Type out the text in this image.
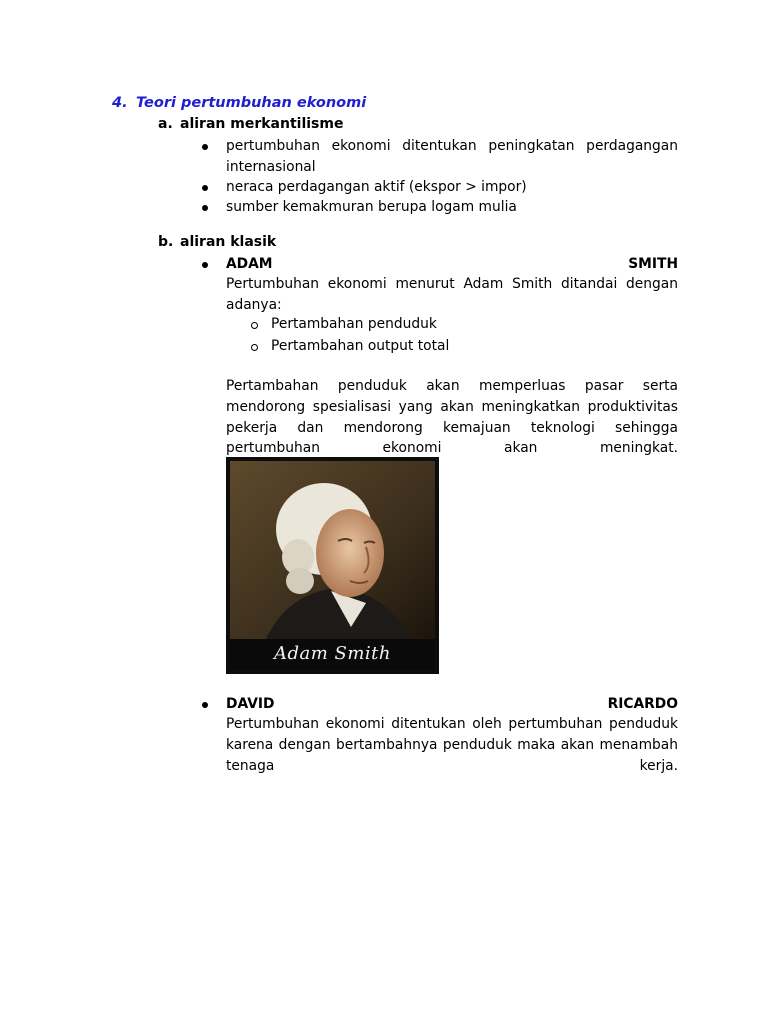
4. Teori pertumbuhan ekonomi
a. aliran merkantilisme
pertumbuhan ekonomi ditentukan peningkatan perdagangan internasional
neraca perdagangan aktif (ekspor > impor)
sumber kemakmuran berupa logam mulia
b. aliran klasik
ADAM	SMITH
Pertumbuhan ekonomi menurut Adam Smith ditandai dengan adanya:
Pertambahan penduduk
Pertambahan output total
Pertambahan penduduk akan memperluas pasar serta mendorong spesialisasi yang akan meningkatkan produktivitas pekerja dan mendorong kemajuan teknologi sehingga pertumbuhan ekonomi akan meningkat.
Adam Smith
DAVID	RICARDO
Pertumbuhan ekonomi ditentukan oleh pertumbuhan penduduk karena dengan bertambahnya penduduk maka akan menambah tenaga kerja.
